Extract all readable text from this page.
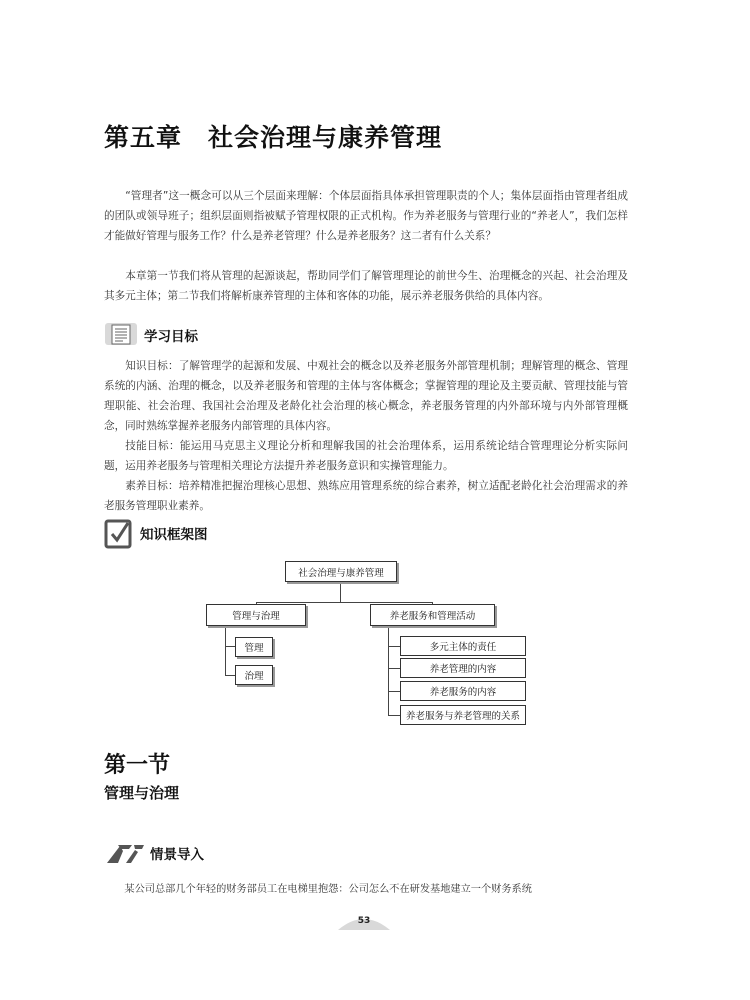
第五章　社会治理与康养管理

“管理者”这一概念可以从三个层面来理解：个体层面指具体承担管理职责的个人；集体层面指由管理者组成的团队或领导班子；组织层面则指被赋予管理权限的正式机构。作为养老服务与管理行业的“养老人”，我们怎样才能做好管理与服务工作？什么是养老管理？什么是养老服务？这二者有什么关系？

本章第一节我们将从管理的起源谈起，帮助同学们了解管理理论的前世今生、治理概念的兴起、社会治理及其多元主体；第二节我们将解析康养管理的主体和客体的功能，展示养老服务供给的具体内容。

学习目标

知识目标：了解管理学的起源和发展、中观社会的概念以及养老服务外部管理机制；理解管理的概念、管理系统的内涵、治理的概念，以及养老服务和管理的主体与客体概念；掌握管理的理论及主要贡献、管理技能与管理职能、社会治理、我国社会治理及老龄化社会治理的核心概念，养老服务管理的内外部环境与内外部管理概念，同时熟练掌握养老服务内部管理的具体内容。

技能目标：能运用马克思主义理论分析和理解我国的社会治理体系，运用系统论结合管理理论分析实际问题，运用养老服务与管理相关理论方法提升养老服务意识和实操管理能力。

素养目标：培养精准把握治理核心思想、熟练应用管理系统的综合素养，树立适配老龄化社会治理需求的养老服务管理职业素养。

知识框架图
社会治理与康养管理
管理与治理	养老服务和管理活动
管理
治理
多元主体的责任
养老管理的内容
养老服务的内容
养老服务与养老管理的关系
第一节
管理与治理
情景导入
某公司总部几个年轻的财务部员工在电梯里抱怨：公司怎么不在研发基地建立一个财务系统
53
